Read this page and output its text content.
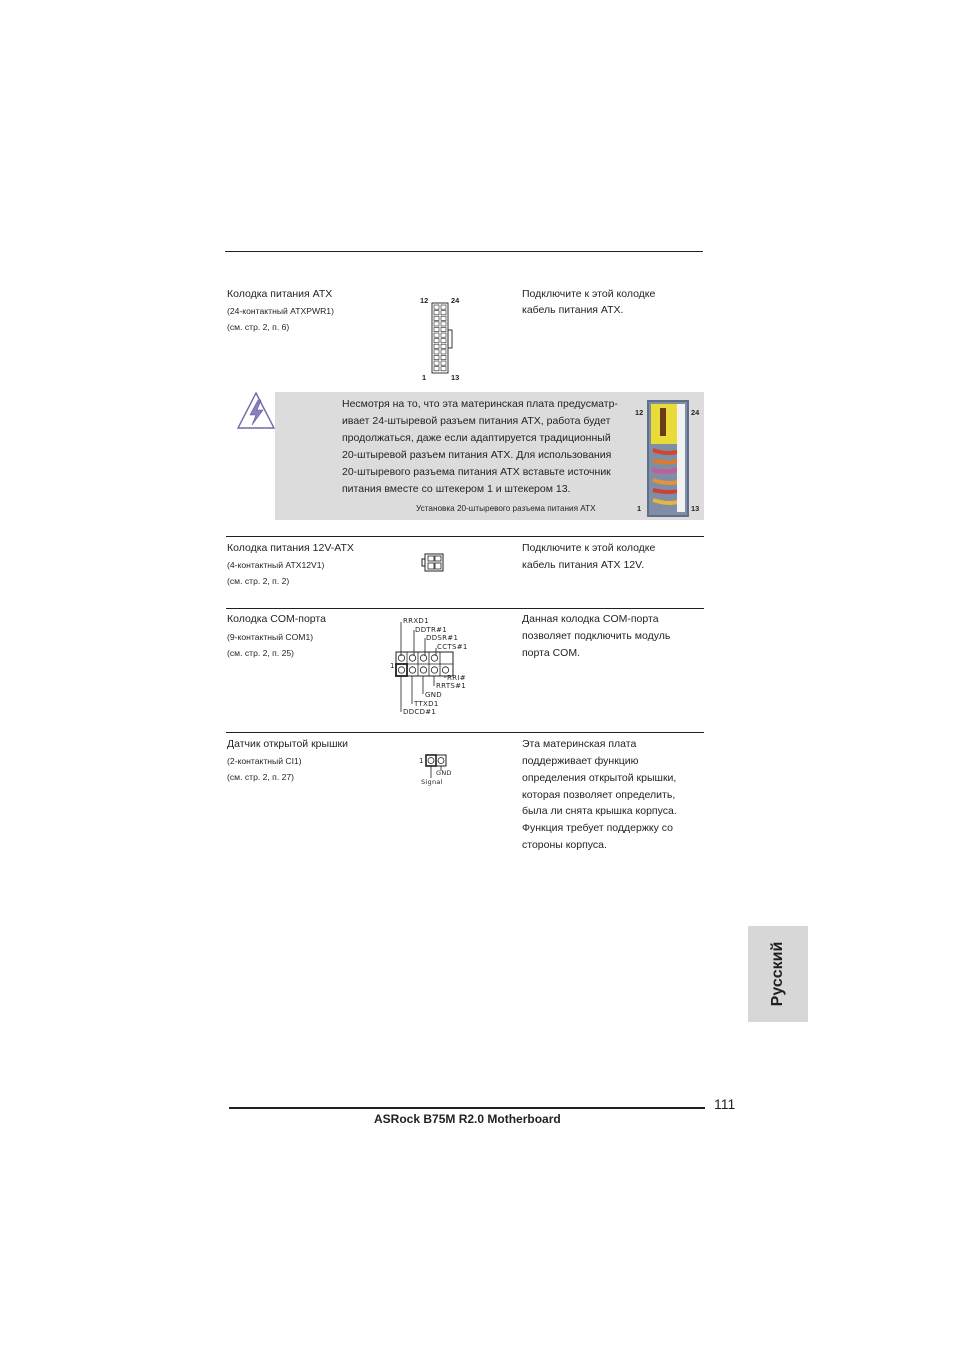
Колодка питания ATX
(24-контактный ATXPWR1)
(см. стр. 2, п. 6)
12	24
1	13
Подключите к этой колодке
кабель питания ATX.
Несмотря на то, что эта материнская плата предусматр-
ивает 24-штыревой разъем питания ATX, работа будет
продолжаться, даже если адаптируется традиционный
20-штыревой разъем питания ATX. Для использования
20-штыревого разъема питания ATX вставьте источник
питания вместе со штекером 1 и штекером 13.
Установка 20-штыревого разъема питания ATX
12	24
1	13
Колодка питания 12V-ATX
(4-контактный ATX12V1)
(см. стр. 2, п. 2)
Подключите к этой колодке
кабель питания ATX 12V.
Колодка COM-порта
(9-контактный COM1)
(см. стр. 2, п. 25)
RRXD1
DDTR#1
DDSR#1
CCTS#1
1
RRI#
RRTS#1
GND
TTXD1
DDCD#1
Данная колодка COM-порта
позволяет подключить модуль
порта COM.
Датчик открытой крышки
(2-контактный CI1)
(см. стр. 2, п. 27)
1
GND
Signal
Эта материнская плата
поддерживает функцию
определения открытой крышки,
которая позволяет определить,
была ли снята крышка корпуса.
Функция требует поддержку со
стороны корпуса.
Русский
111
ASRock B75M R2.0 Motherboard
